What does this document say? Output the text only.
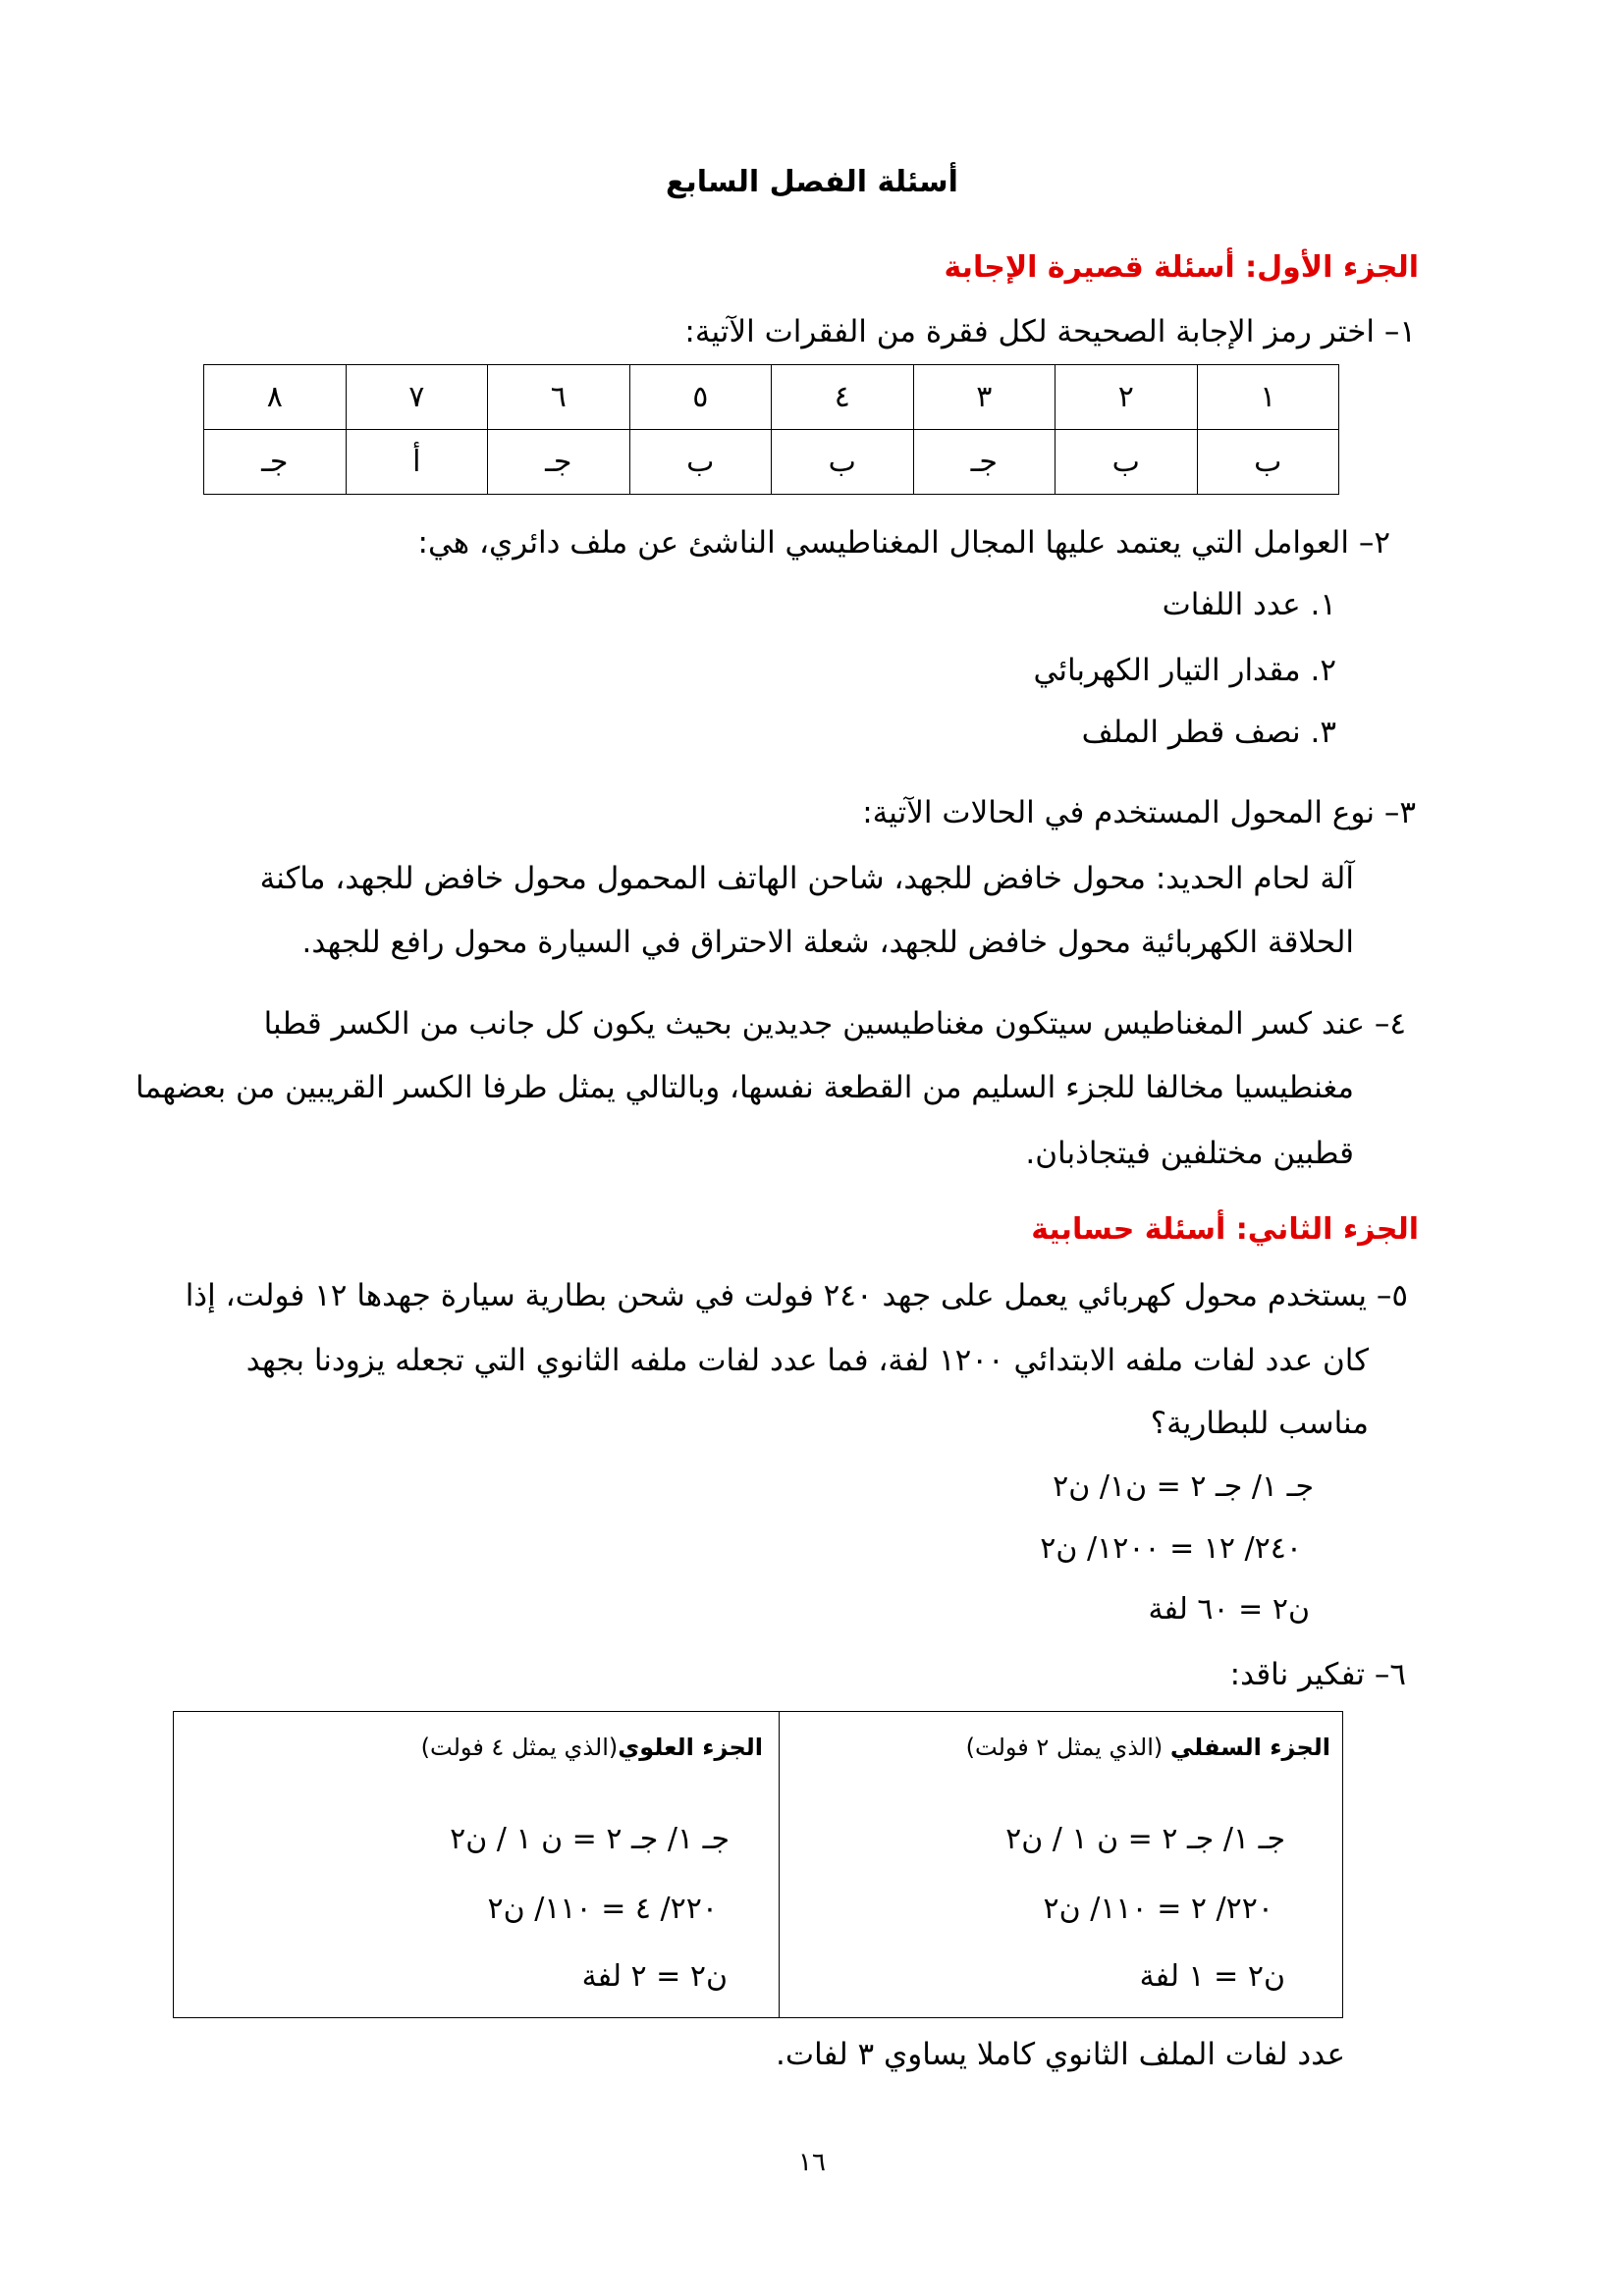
أسئلة الفصل السابع
الجزء الأول: أسئلة قصيرة الإجابة
١– اختر رمز الإجابة الصحيحة لكل فقرة من الفقرات الآتية:
١	٢	٣	٤	٥	٦	٧	٨
ب	ب	جـ	ب	ب	جـ	أ	جـ
٢– العوامل التي يعتمد عليها المجال المغناطيسي الناشئ عن ملف دائري، هي:
١. عدد اللفات
٢. مقدار التيار الكهربائي
٣. نصف قطر الملف
٣– نوع المحول المستخدم في الحالات الآتية:
آلة لحام الحديد: محول خافض للجهد، شاحن الهاتف المحمول محول خافض للجهد، ماكنة
الحلاقة الكهربائية محول خافض للجهد، شعلة الاحتراق في السيارة محول رافع للجهد.
٤– عند كسر المغناطيس سيتكون مغناطيسين جديدين بحيث يكون كل جانب من الكسر قطبا
مغنطيسيا مخالفا للجزء السليم من القطعة نفسها، وبالتالي يمثل طرفا الكسر القريبين من بعضهما
قطبين مختلفين فيتجاذبان.
الجزء الثاني: أسئلة حسابية
٥– يستخدم محول كهربائي يعمل على جهد ٢٤٠ فولت في شحن بطارية سيارة جهدها ١٢ فولت، إذا
كان عدد لفات ملفه الابتدائي ١٢٠٠ لفة، فما عدد لفات ملفه الثانوي التي تجعله يزودنا بجهد
مناسب للبطارية؟
جـ ١/ جـ ٢ = ن١/ ن٢
٢٤٠/ ١٢ = ١٢٠٠/ ن٢
ن٢ = ٦٠ لفة
٦– تفكير ناقد:
الجزء السفلي (الذي يمثل ٢ فولت)
جـ ١/ جـ ٢ = ن ١ / ن٢
٢٢٠/ ٢ = ١١٠/ ن٢
ن٢ = ١ لفة
الجزء العلوي(الذي يمثل ٤ فولت)
جـ ١/ جـ ٢ = ن ١ / ن٢
٢٢٠/ ٤ = ١١٠/ ن٢
ن٢ = ٢ لفة
عدد لفات الملف الثانوي كاملا يساوي ٣ لفات.
١٦
